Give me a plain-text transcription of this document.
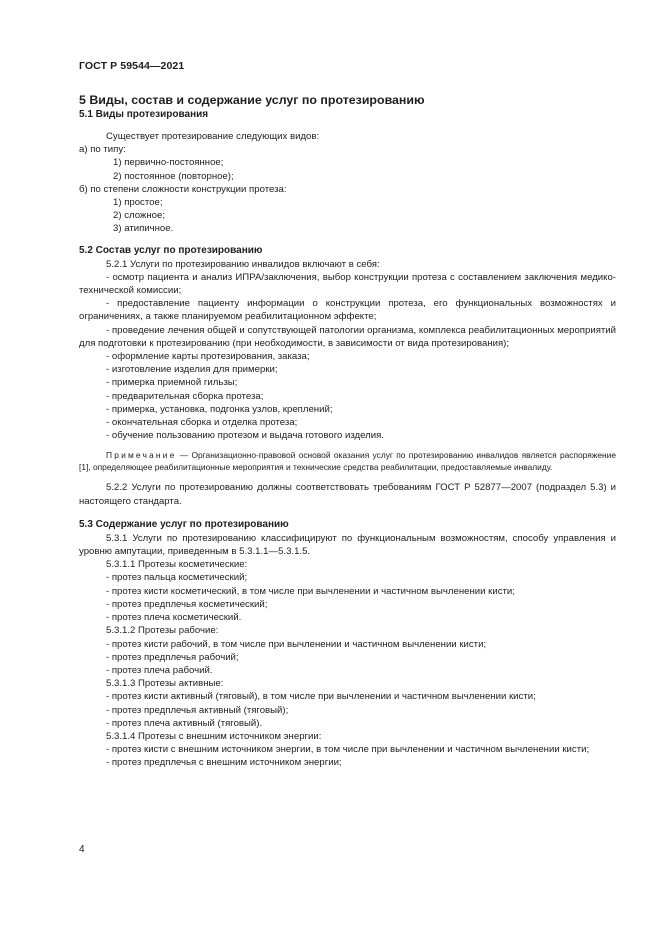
ГОСТ Р 59544—2021

5 Виды, состав и содержание услуг по протезированию

5.1 Виды протезирования

Существует протезирование следующих видов:

а) по типу:

1) первично-постоянное;

2) постоянное (повторное);

б) по степени сложности конструкции протеза:

1) простое;

2) сложное;

3) атипичное.

5.2 Состав услуг по протезированию

5.2.1 Услуги по протезированию инвалидов включают в себя:

- осмотр пациента и анализ ИПРА/заключения, выбор конструкции протеза с составлением заключения медико-технической комиссии;

- предоставление пациенту информации о конструкции протеза, его функциональных возможностях и ограничениях, а также планируемом реабилитационном эффекте;

- проведение лечения общей и сопутствующей патологии организма, комплекса реабилитационных мероприятий для подготовки к протезированию (при необходимости, в зависимости от вида протезирования);

- оформление карты протезирования, заказа;

- изготовление изделия для примерки;

- примерка приемной гильзы;

- предварительная сборка протеза;

- примерка, установка, подгонка узлов, креплений;

- окончательная сборка и отделка протеза;

- обучение пользованию протезом и выдача готового изделия.

Примечание — Организационно-правовой основой оказания услуг по протезированию инвалидов является распоряжение [1], определяющее реабилитационные мероприятия и технические средства реабилитации, предоставляемые инвалиду.

5.2.2 Услуги по протезированию должны соответствовать требованиям ГОСТ Р 52877—2007 (подраздел 5.3) и настоящего стандарта.

5.3 Содержание услуг по протезированию

5.3.1 Услуги по протезированию классифицируют по функциональным возможностям, способу управления и уровню ампутации, приведенным в 5.3.1.1—5.3.1.5.

5.3.1.1 Протезы косметические:

- протез пальца косметический;

- протез кисти косметический, в том числе при вычленении и частичном вычленении кисти;

- протез предплечья косметический;

- протез плеча косметический.

5.3.1.2 Протезы рабочие:

- протез кисти рабочий, в том числе при вычленении и частичном вычленении кисти;

- протез предплечья рабочий;

- протез плеча рабочий.

5.3.1.3 Протезы активные:

- протез кисти активный (тяговый), в том числе при вычленении и частичном вычленении кисти;

- протез предплечья активный (тяговый);

- протез плеча активный (тяговый).

5.3.1.4 Протезы с внешним источником энергии:

- протез кисти с внешним источником энергии, в том числе при вычленении и частичном вычленении кисти;

- протез предплечья с внешним источником энергии;

4
